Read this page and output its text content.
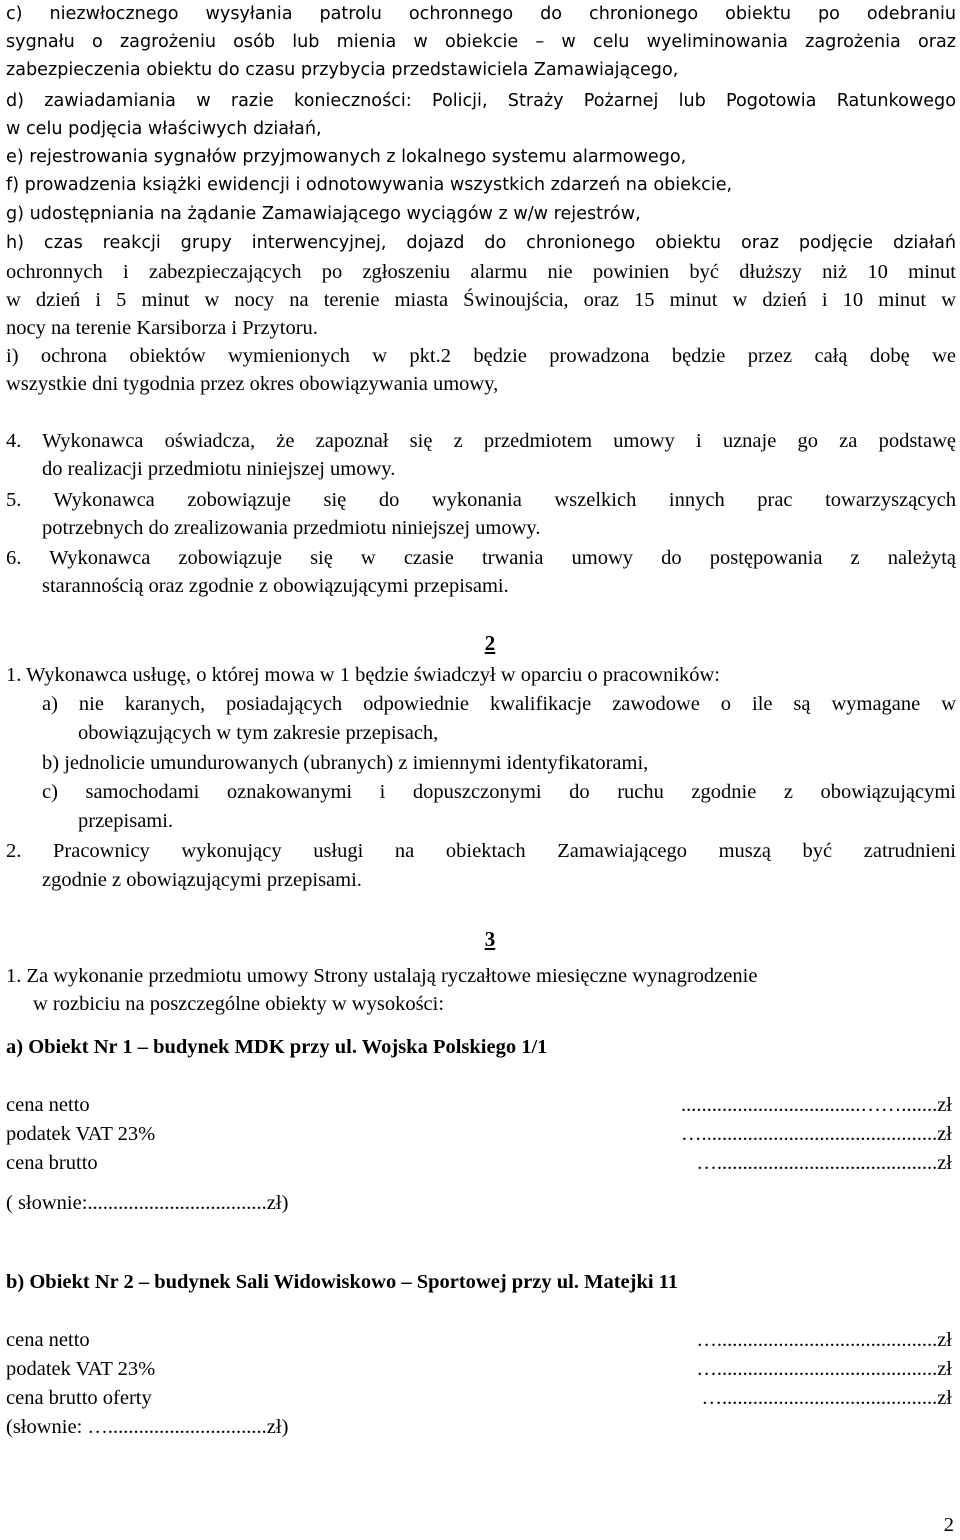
c) niezwłocznego wysyłania patrolu ochronnego do chronionego obiektu po odebraniu

sygnału o zagrożeniu osób lub mienia w obiekcie – w celu wyeliminowania zagrożenia oraz

zabezpieczenia obiektu do czasu przybycia przedstawiciela Zamawiającego,

d) zawiadamiania w razie konieczności: Policji, Straży Pożarnej lub Pogotowia Ratunkowego

w celu podjęcia właściwych działań,

e) rejestrowania sygnałów przyjmowanych z lokalnego systemu alarmowego,

f) prowadzenia książki ewidencji i odnotowywania wszystkich zdarzeń na obiekcie,

g) udostępniania na żądanie Zamawiającego wyciągów z w/w rejestrów,

h) czas reakcji grupy interwencyjnej, dojazd do chronionego obiektu oraz podjęcie działań

ochronnych i zabezpieczających po zgłoszeniu alarmu nie powinien być dłuższy niż 10 minut

w dzień i 5 minut w nocy na terenie miasta Świnoujścia, oraz 15 minut w dzień i 10 minut w

nocy na terenie Karsiborza i Przytoru.

i) ochrona obiektów wymienionych w pkt.2 będzie prowadzona będzie przez całą dobę we

wszystkie dni tygodnia przez okres obowiązywania umowy,

4. Wykonawca oświadcza, że zapoznał się z przedmiotem umowy i uznaje go za podstawę

do realizacji przedmiotu niniejszej umowy.

5. Wykonawca zobowiązuje się do wykonania wszelkich innych prac towarzyszących

potrzebnych do zrealizowania przedmiotu niniejszej umowy.

6. Wykonawca zobowiązuje się w czasie trwania umowy do postępowania z należytą

starannością oraz zgodnie z obowiązującymi przepisami.

2

1. Wykonawca usługę, o której mowa w 1 będzie świadczył w oparciu o pracowników:

a) nie karanych, posiadających odpowiednie kwalifikacje zawodowe o ile są wymagane w

obowiązujących w tym zakresie przepisach,

b) jednolicie umundurowanych (ubranych) z imiennymi identyfikatorami,

c) samochodami oznakowanymi i dopuszczonymi do ruchu zgodnie z obowiązującymi

przepisami.

2. Pracownicy wykonujący usługi na obiektach Zamawiającego muszą być zatrudnieni

zgodnie z obowiązującymi przepisami.

3

1. Za wykonanie przedmiotu umowy Strony ustalają ryczałtowe miesięczne wynagrodzenie

w rozbiciu na poszczególne obiekty w wysokości:

a) Obiekt Nr 1 – budynek MDK przy ul. Wojska Polskiego 1/1

cena netto	...................................…….......zł

podatek VAT 23%	…..............................................zł

cena brutto	…...........................................zł

( słownie:...................................zł)

b) Obiekt Nr 2 – budynek Sali Widowiskowo – Sportowej przy ul. Matejki 11

cena netto	…...........................................zł

podatek VAT 23%	…...........................................zł

cena brutto oferty	…..........................................zł

(słownie: …...............................zł)

2
